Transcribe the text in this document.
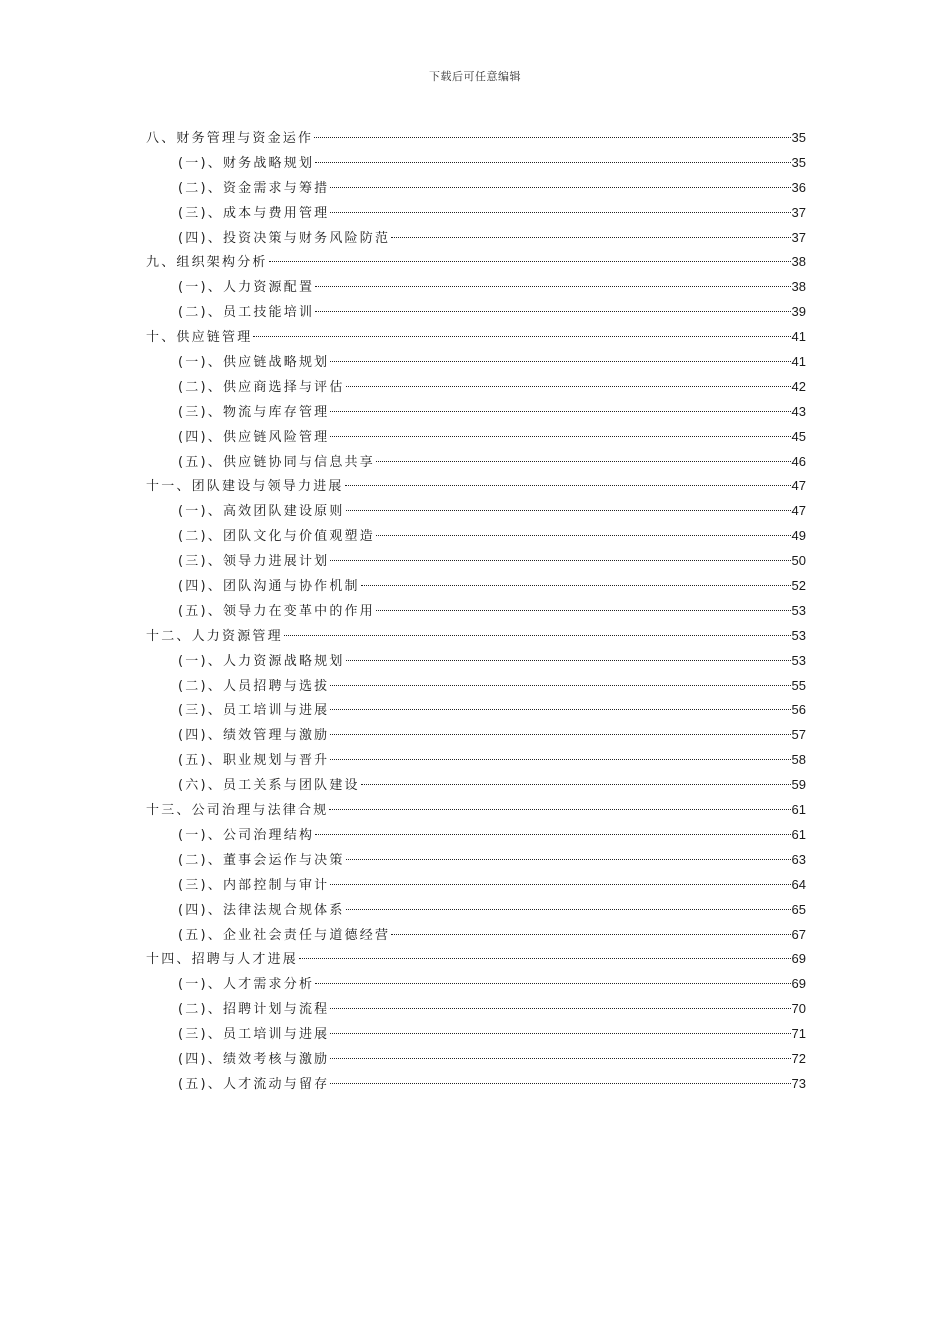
下载后可任意编辑
八、财务管理与资金运作	35
(一)、财务战略规划	35
(二)、资金需求与筹措	36
(三)、成本与费用管理	37
(四)、投资决策与财务风险防范	37
九、组织架构分析	38
(一)、人力资源配置	38
(二)、员工技能培训	39
十、供应链管理	41
(一)、供应链战略规划	41
(二)、供应商选择与评估	42
(三)、物流与库存管理	43
(四)、供应链风险管理	45
(五)、供应链协同与信息共享	46
十一、团队建设与领导力进展	47
(一)、高效团队建设原则	47
(二)、团队文化与价值观塑造	49
(三)、领导力进展计划	50
(四)、团队沟通与协作机制	52
(五)、领导力在变革中的作用	53
十二、人力资源管理	53
(一)、人力资源战略规划	53
(二)、人员招聘与选拔	55
(三)、员工培训与进展	56
(四)、绩效管理与激励	57
(五)、职业规划与晋升	58
(六)、员工关系与团队建设	59
十三、公司治理与法律合规	61
(一)、公司治理结构	61
(二)、董事会运作与决策	63
(三)、内部控制与审计	64
(四)、法律法规合规体系	65
(五)、企业社会责任与道德经营	67
十四、招聘与人才进展	69
(一)、人才需求分析	69
(二)、招聘计划与流程	70
(三)、员工培训与进展	71
(四)、绩效考核与激励	72
(五)、人才流动与留存	73
